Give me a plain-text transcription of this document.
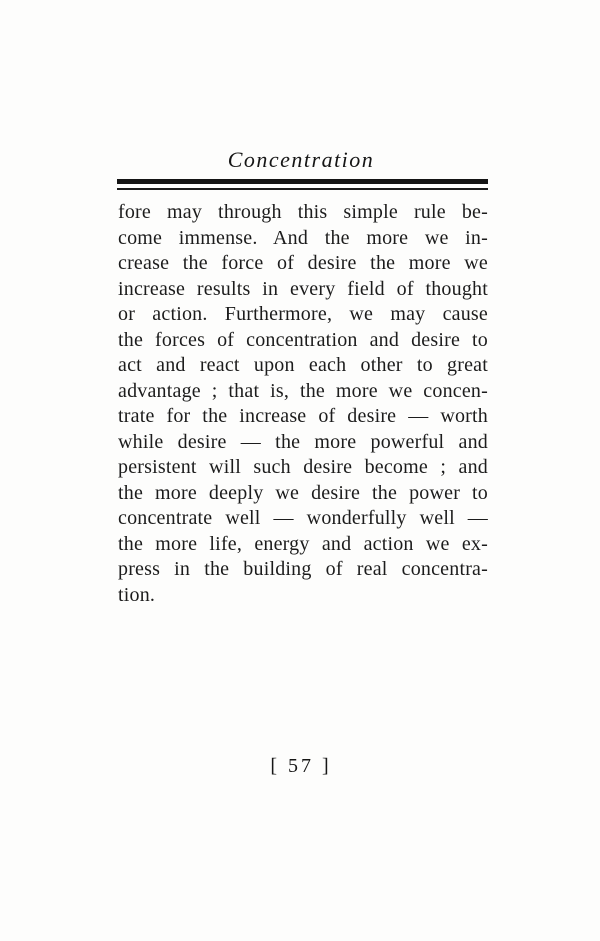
Concentration
fore may through this simple rule be-
come immense. And the more we in-
crease the force of desire the more we
increase results in every field of thought
or action. Furthermore, we may cause
the forces of concentration and desire to
act and react upon each other to great
advantage ; that is, the more we concen-
trate for the increase of desire — worth
while desire — the more powerful and
persistent will such desire become ; and
the more deeply we desire the power to
concentrate well — wonderfully well —
the more life, energy and action we ex-
press in the building of real concentra-
tion.
[ 57 ]
